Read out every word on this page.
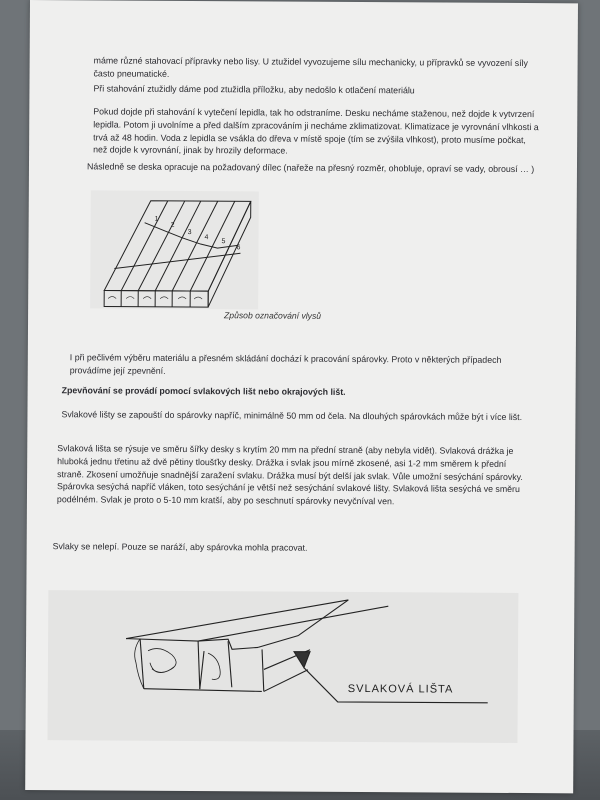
máme různé stahovací přípravky nebo lisy. U ztužidel vyvozujeme sílu mechanicky, u přípravků se vyvození síly často pneumatické.

Při stahování ztužidly dáme pod ztužidla příložku, aby nedošlo k otlačení materiálu

Pokud dojde při stahování k vytečení lepidla, tak ho odstraníme. Desku necháme staženou, než dojde k vytvrzení lepidla. Potom ji uvolníme a před dalším zpracováním ji necháme zklimatizovat. Klimatizace je vyrovnání vlhkosti a trvá až 48 hodin. Voda z lepidla se vsákla do dřeva v místě spoje (tím se zvýšila vlhkost), proto musíme počkat, než dojde k vyrovnání, jinak by hrozily deformace.

Následně se deska opracuje na požadovaný dílec (nařeže na přesný rozměr, ohobluje, opraví se vady, obrousí … )

1
2
3
4
5
6
Způsob označování vlysů

I při pečlivém výběru materiálu a přesném skládání dochází k pracování spárovky. Proto v některých případech provádíme její zpevnění.

Zpevňování se provádí pomocí svlakových lišt nebo okrajových lišt.

Svlakové lišty se zapouští do spárovky napříč, minimálně 50 mm od čela. Na dlouhých spárovkách může být i více lišt.

Svlaková lišta se rýsuje ve směru šířky desky s krytím 20 mm na přední straně (aby nebyla vidět). Svlaková drážka je hluboká jednu třetinu až dvě pětiny tloušťky desky. Drážka i svlak jsou mírně zkosené, asi 1-2 mm směrem k přední straně. Zkosení umožňuje snadnější zaražení svlaku. Drážka musí být delší jak svlak. Vůle umožní sesýchání spárovky. Spárovka sesýchá napříč vláken, toto sesýchání je větší než sesýchání svlakové lišty. Svlaková lišta sesýchá ve směru podélném. Svlak je proto o 5-10 mm kratší, aby po seschnutí spárovky nevyčníval ven.

Svlaky se nelepí. Pouze se naráží, aby spárovka mohla pracovat.

SVLAKOVÁ LIŠTA
